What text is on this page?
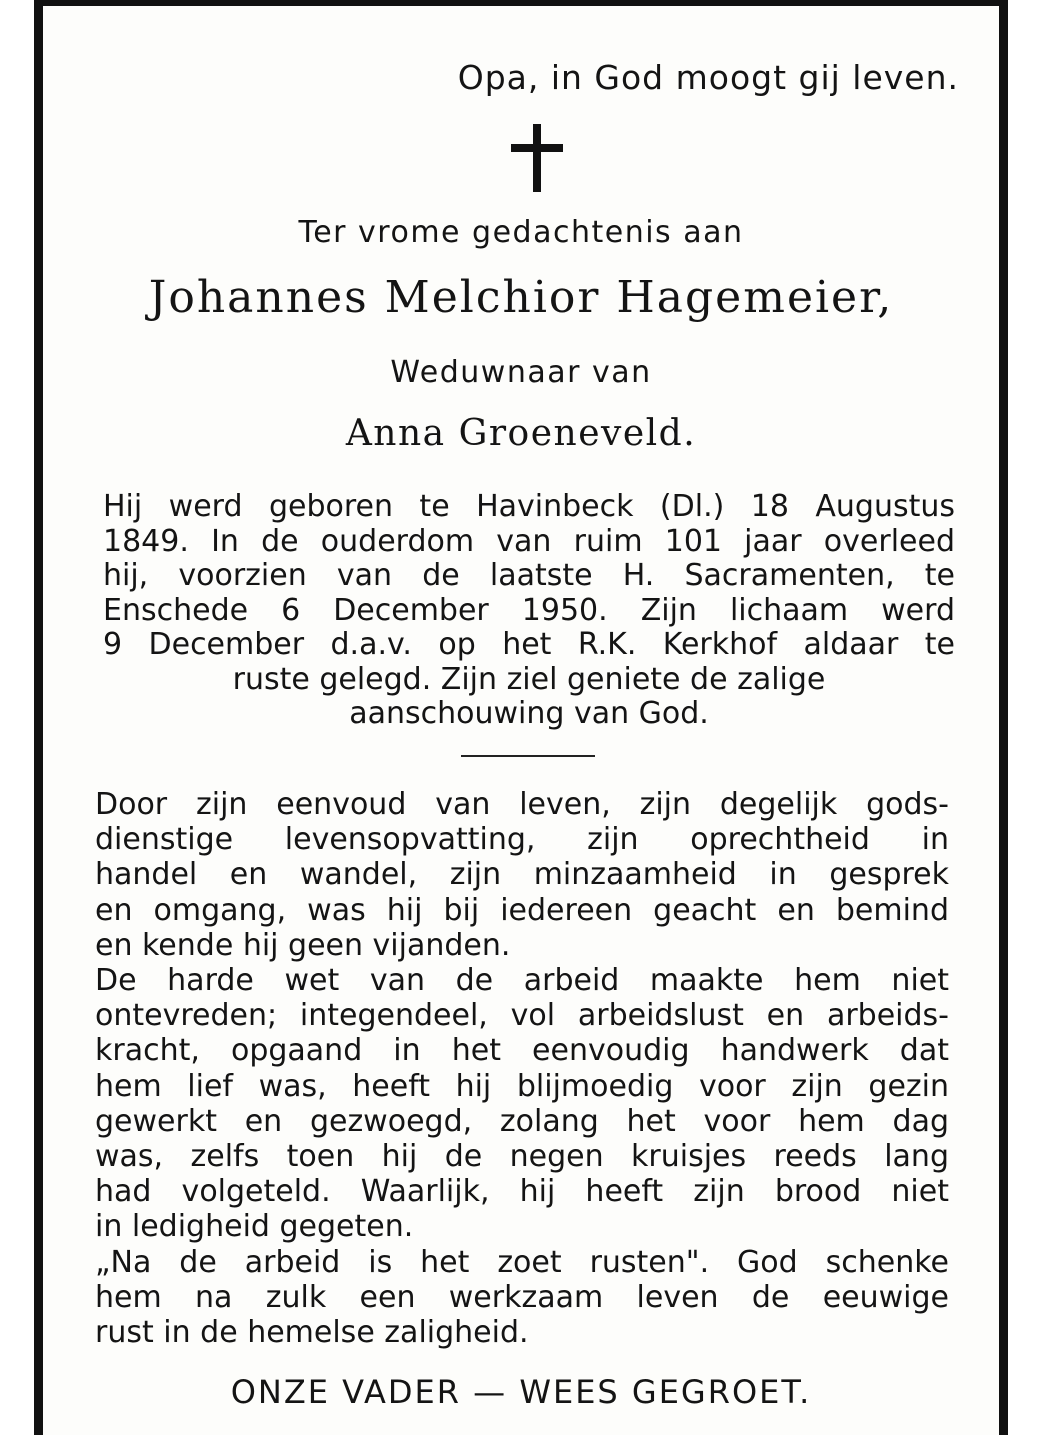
Opa, in God moogt gij leven.
Ter vrome gedachtenis aan
Johannes Melchior Hagemeier,
Weduwnaar van
Anna Groeneveld.
Hij werd geboren te Havinbeck (Dl.) 18 Augustus
1849. In de ouderdom van ruim 101 jaar overleed
hij, voorzien van de laatste H. Sacramenten, te
Enschede 6 December 1950. Zijn lichaam werd
9 December d.a.v. op het R.K. Kerkhof aldaar te
ruste gelegd. Zijn ziel geniete de zalige
aanschouwing van God.
Door zijn eenvoud van leven, zijn degelijk gods-
dienstige levensopvatting, zijn oprechtheid in
handel en wandel, zijn minzaamheid in gesprek
en omgang, was hij bij iedereen geacht en bemind
en kende hij geen vijanden.
De harde wet van de arbeid maakte hem niet
ontevreden; integendeel, vol arbeidslust en arbeids-
kracht, opgaand in het eenvoudig handwerk dat
hem lief was, heeft hij blijmoedig voor zijn gezin
gewerkt en gezwoegd, zolang het voor hem dag
was, zelfs toen hij de negen kruisjes reeds lang
had volgeteld. Waarlijk, hij heeft zijn brood niet
in ledigheid gegeten.
„Na de arbeid is het zoet rusten". God schenke
hem na zulk een werkzaam leven de eeuwige
rust in de hemelse zaligheid.
ONZE VADER — WEES GEGROET.
